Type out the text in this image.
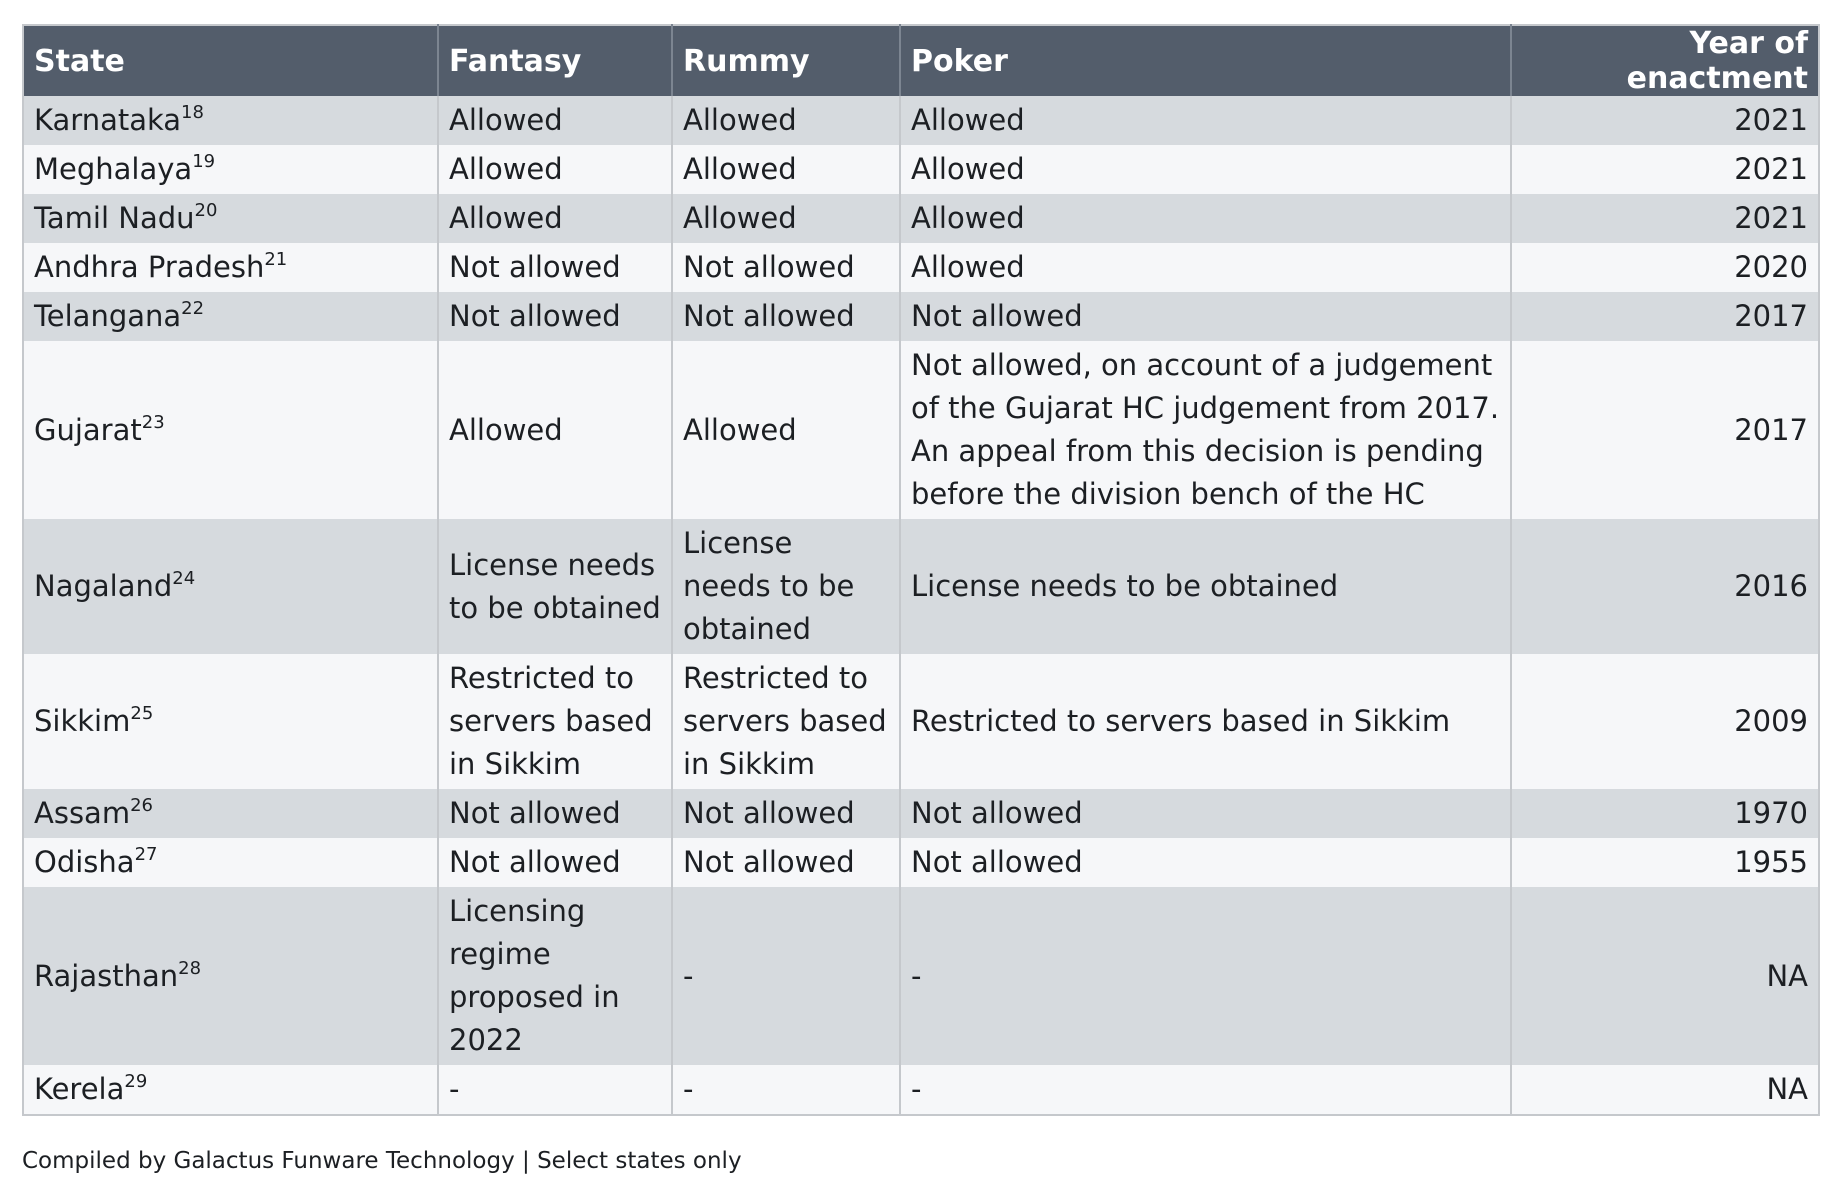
State	Fantasy	Rummy	Poker	Year of enactment
Karnataka$^{18}$	Allowed	Allowed	Allowed	2021
Meghalaya$^{19}$	Allowed	Allowed	Allowed	2021
Tamil Nadu$^{20}$	Allowed	Allowed	Allowed	2021
Andhra Pradesh$^{21}$	Not allowed	Not allowed	Allowed	2020
Telangana$^{22}$	Not allowed	Not allowed	Not allowed	2017
Gujarat$^{23}$	Allowed	Allowed	Not allowed, on account of a judgement of the Gujarat HC judgement from 2017. An appeal from this decision is pending before the division bench of the HC	2017
Nagaland$^{24}$	License needs to be obtained	License needs to be obtained	License needs to be obtained	2016
Sikkim$^{25}$	Restricted to servers based in Sikkim	Restricted to servers based in Sikkim	Restricted to servers based in Sikkim	2009
Assam$^{26}$	Not allowed	Not allowed	Not allowed	1970
Odisha$^{27}$	Not allowed	Not allowed	Not allowed	1955
Rajasthan$^{28}$	Licensing regime proposed in 2022	-	-	NA
Kerela$^{29}$	-	-	-	NA
Compiled by Galactus Funware Technology | Select states only
